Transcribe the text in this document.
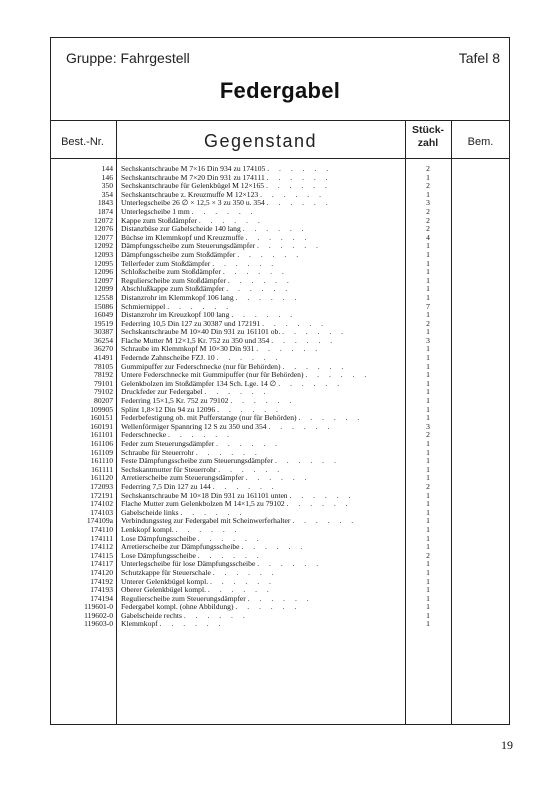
Gruppe: Fahrgestell	Tafel 8
Federgabel
Best.-Nr.	Gegenstand
Stück-
zahl	Bem.
144 Sechskantschraube M 7×16 Din 934 zu 174105 . . . . . .	2
146 Sechskantschraube M 7×20 Din 931 zu 174111 . . . . . .	1
350 Sechskantschraube für Gelenkbügel M 12×165 . . . . . .	2
354 Sechskantschraube z. Kreuzmuffe M 12×123 . . . . . .	1
1843 Unterlegscheibe 26 ∅ × 12,5 × 3 zu 350 u. 354 . . . . . .	3
1874 Unterlegscheibe 1 mm . . . . . .	2
12072 Kappe zum Stoßdämpfer . . . . . .	2
12076 Distanzbüse zur Gabelscheide 140 lang . . . . . .	2
12077 Büchse im Klemmkopf und Kreuzmuffe . . . . . .	4
12092 Dämpfungsscheibe zum Steuerungsdämpfer . . . . . .	1
12093 Dämpfungsscheibe zum Stoßdämpfer . . . . . .	1
12095 Tellerfeder zum Stoßdämpfer . . . . . .	1
12096 Schloßscheibe zum Stoßdämpfer . . . . . .	1
12097 Regulierscheibe zum Stoßdämpfer . . . . . .	1
12099 Abschlußkappe zum Stoßdämpfer . . . . . .	1
12558 Distanzrohr im Klemmkopf 106 lang . . . . . .	1
15086 Schmiernippel . . . . . .	7
16049 Distanzrohr im Kreuzkopf 100 lang . . . . . .	1
19519 Federring 10,5 Din 127 zu 30387 und 172191 . . . . . .	2
30387 Sechskantschraube M 10×40 Din 931 zu 161101 ob. . . . . . .	1
36254 Flache Mutter M 12×1,5 Kr. 752 zu 350 und 354 . . . . . .	3
36270 Schraube im Klemmkopf M 10×30 Din 931 . . . . . .	1
41491 Federnde Zahnscheibe FZJ. 10 . . . . . .	1
78105 Gummipuffer zur Federschnecke (nur für Behörden) . . . . . .	1
78192 Untere Federschnecke mit Gummipuffer (nur für Behörden) . . . . . .	1
79101 Gelenkbolzen im Stoßdämpfer 134 Sch. Lge. 14 ∅ . . . . . .	1
79102 Druckfeder zur Federgabel . . . . . .	1
80207 Federring 15×1,5 Kr. 752 zu 79102 . . . . . .	1
109905 Splint 1,8×12 Din 94 zu 12096 . . . . . .	1
160151 Federbefestigung ob. mit Pufferstange (nur für Behörden) . . . . . .	1
160191 Wellenförmiger Spannring 12 S zu 350 und 354 . . . . . .	3
161101 Federschnecke . . . . . .	2
161106 Feder zum Steuerungsdämpfer . . . . . .	1
161109 Schraube für Steuerrohr . . . . . .	1
161110 Feste Dämpfungsscheibe zum Steuerungsdämpfer . . . . . .	1
161111 Sechskantmutter für Steuerrohr . . . . . .	1
161120 Arretierscheibe zum Steuerungsdämpfer . . . . . .	1
172093 Federring 7,5 Din 127 zu 144 . . . . . .	2
172191 Sechskantschraube M 10×18 Din 931 zu 161101 unten . . . . . .	1
174102 Flache Mutter zum Gelenkbolzen M 14×1,5 zu 79102 . . . . . .	1
174103 Gabelscheide links . . . . . .	1
174109a Verbindungssteg zur Federgabel mit Scheinwerferhalter . . . . . .	1
174110 Lenkkopf kompl. . . . . . .	1
174111 Lose Dämpfungsscheibe . . . . . .	1
174112 Arretierscheibe zur Dämpfungsscheibe . . . . . .	1
174115 Lose Dämpfungsscheibe . . . . . .	2
174117 Unterlegscheibe für lose Dämpfungsscheibe . . . . . .	1
174120 Schutzkappe für Steuerschale . . . . . .	1
174192 Unterer Gelenkbügel kompl. . . . . . .	1
174193 Oberer Gelenkbügel kompl. . . . . . .	1
174194 Regulierscheibe zum Steuerungsdämpfer . . . . . .	1
119601-0 Federgabel kompl. (ohne Abbildung) . . . . . .	1
119602-0 Gabelscheide rechts . . . . . .	1
119603-0 Klemmkopf . . . . . .	1
19
